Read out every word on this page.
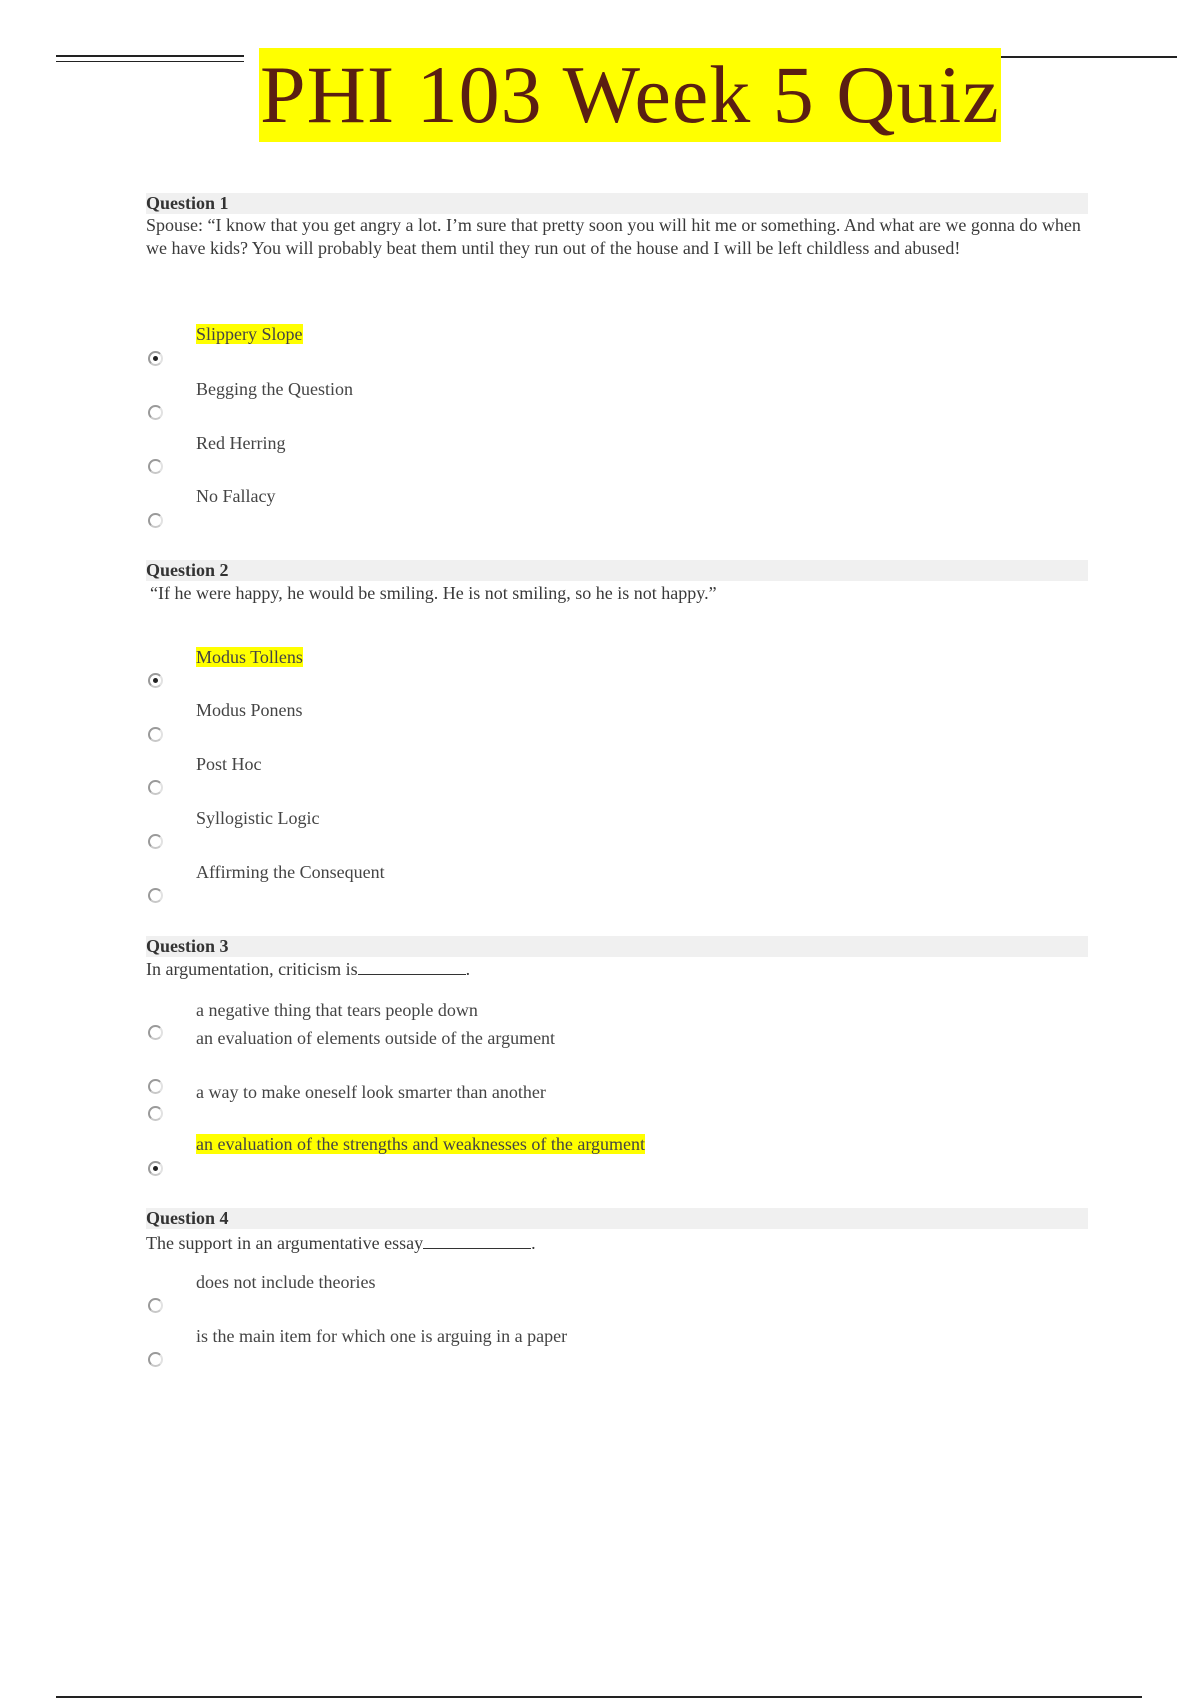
PHI 103 Week 5 Quiz
Question 1
Spouse: “I know that you get angry a lot. I’m sure that pretty soon you will hit me or something. And what are we gonna do when we have kids? You will probably beat them until they run out of the house and I will be left childless and abused!
Slippery Slope
Begging the Question
Red Herring
No Fallacy
Question 2
“If he were happy, he would be smiling. He is not smiling, so he is not happy.”
Modus Tollens
Modus Ponens
Post Hoc
Syllogistic Logic
Affirming the Consequent
Question 3
In argumentation, criticism is	.
a negative thing that tears people down
an evaluation of elements outside of the argument
a way to make oneself look smarter than another
an evaluation of the strengths and weaknesses of the argument
Question 4
The support in an argumentative essay	.
does not include theories
is the main item for which one is arguing in a paper
